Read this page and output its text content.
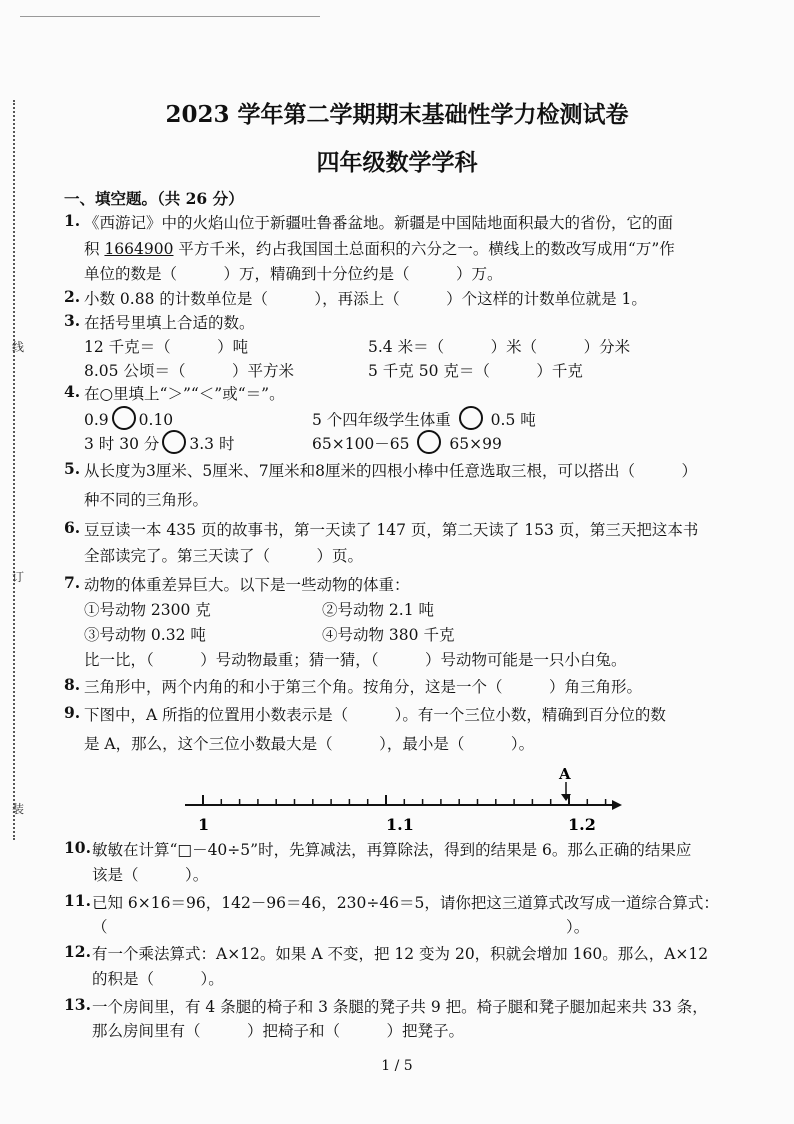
线
订
装
2023 学年第二学期期末基础性学力检测试卷
四年级数学学科
一、填空题。（共 26 分）
1. 《西游记》中的火焰山位于新疆吐鲁番盆地。新疆是中国陆地面积最大的省份，它的面
积 1664900 平方千米，约占我国国土总面积的六分之一。横线上的数改写成用“万”作
单位的数是（　　　）万，精确到十分位约是（　　　）万。
2. 小数 0.88 的计数单位是（　　　），再添上（　　　）个这样的计数单位就是 1。
3. 在括号里填上合适的数。
12 千克＝（　　　）吨	5.4 米＝（　　　）米（　　　）分米
8.05 公顷＝（　　　）平方米	5 千克 50 克＝（　　　）千克
4. 在○里填上“＞”“＜”或“＝”。
0.9 0.10	5 个四年级学生体重	0.5 吨
3 时 30 分 3.3 时	65×100－65	65×99
5. 从长度为3厘米、5厘米、7厘米和8厘米的四根小棒中任意选取三根，可以搭出（　　　）
种不同的三角形。
6. 豆豆读一本 435 页的故事书，第一天读了 147 页，第二天读了 153 页，第三天把这本书
全部读完了。第三天读了（　　　）页。
7. 动物的体重差异巨大。以下是一些动物的体重：
①号动物 2300 克	②号动物 2.1 吨
③号动物 0.32 吨	④号动物 380 千克
比一比，（　　　）号动物最重；猜一猜，（　　　）号动物可能是一只小白兔。
8. 三角形中，两个内角的和小于第三个角。按角分，这是一个（　　　）角三角形。
9. 下图中，A 所指的位置用小数表示是（　　　）。有一个三位小数，精确到百分位的数
是 A，那么，这个三位小数最大是（　　　），最小是（　　　）。
1	1.1	1.2
A
10. 敏敏在计算“□－40÷5”时，先算减法，再算除法，得到的结果是 6。那么正确的结果应
该是（　　　）。
11. 已知 6×16＝96，142－96＝46，230÷46＝5，请你把这三道算式改写成一道综合算式：
（	）。
12. 有一个乘法算式：A×12。如果 A 不变，把 12 变为 20，积就会增加 160。那么，A×12
的积是（　　　）。
13. 一个房间里，有 4 条腿的椅子和 3 条腿的凳子共 9 把。椅子腿和凳子腿加起来共 33 条，
那么房间里有（　　　）把椅子和（　　　）把凳子。
1 / 5
